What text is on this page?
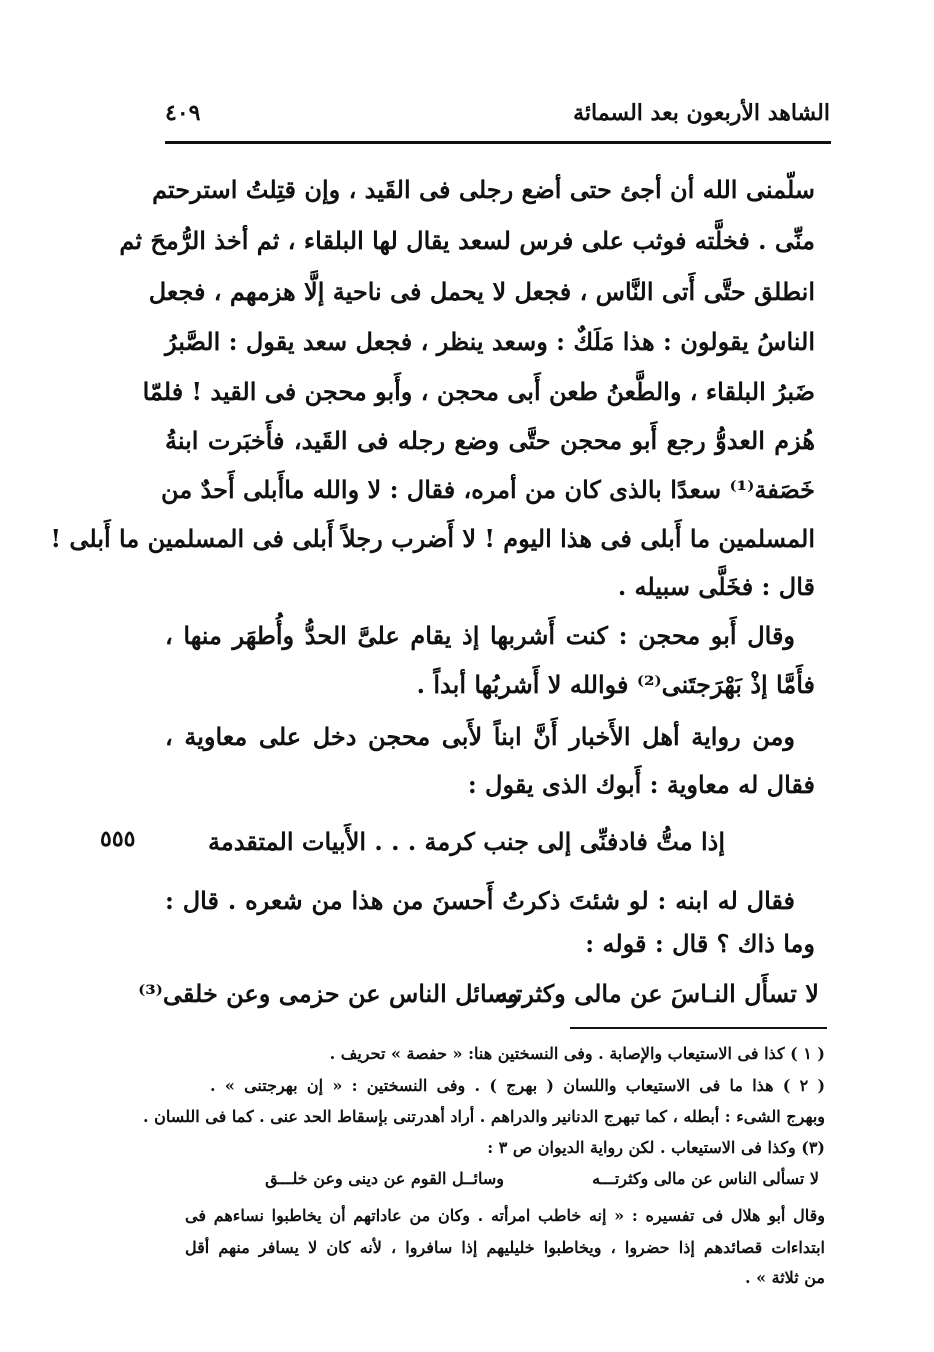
٤٠٩	الشاهد الأربعون بعد السمائة
سلّمنى الله أن أجئ حتى أضع رجلى فى القَيد ، وإن قتِلتُ استرحتم
منِّى . فخلَّته فوثب على فرس لسعد يقال لها البلقاء ، ثم أخذ الرُّمحَ ثم
انطلق حتَّى أَتى النَّاس ، فجعل لا يحمل فى ناحية إلَّا هزمهم ، فجعل
الناسُ يقولون : هذا مَلَكٌ : وسعد ينظر ، فجعل سعد يقول : الصَّبرُ
ضَبرُ البلقاء ، والطَّعنُ طعن أَبى محجن ، وأَبو محجن فى القيد ! فلمّا
هُزم العدوُّ رجع أَبو محجن حتَّى وضع رجله فى القَيد، فأَخبَرت ابنةُ
خَصَفة⁽¹⁾ سعدًا بالذى كان من أمره، فقال : لا والله ماأَبلى أَحدٌ من
المسلمين ما أَبلى فى هذا اليوم ! لا أَضرب رجلاً أَبلى فى المسلمين ما أَبلى !
قال : فخَلَّى سبيله .
وقال أَبو محجن : كنت أَشربها إذ يقام علىَّ الحدُّ وأُطهَر منها ،
فأَمَّا إذْ بَهْرَجتَنى⁽²⁾ فوالله لا أَشربُها أبداً .
ومن رواية أهل الأَخبار أَنَّ ابناً لأَبى محجن دخل على معاوية ،
فقال له معاوية : أَبوك الذى يقول :
إذا متُّ فادفنِّى إلى جنب كرمة . . . الأَبيات المتقدمة
فقال له ابنه : لو شئتَ ذكرتُ أَحسنَ من هذا من شعره . قال :
وما ذاك ؟ قال : قوله :
لا تسأَل النـاسَ عن مالى وكثرتـه
وسائل الناس عن حزمى وعن خلقى⁽³⁾
٥٥٥
( ١ ) كذا فى الاستيعاب والإصابة . وفى النسختين هنا: « حفصة » تحريف .
( ٢ ) هذا ما فى الاستيعاب واللسان ( بهرج ) . وفى النسختين : « إن بهرجتنى » .
وبهرج الشىء : أبطله ، كما تبهرج الدنانير والدراهم . أراد أهدرتنى بإسقاط الحد عنى . كما فى اللسان .
(٣) وكذا فى الاستيعاب . لكن رواية الديوان ص ٣ :
لا تسألى الناس عن مالى وكثرتـــه
وسائــل القوم عن دينى وعن خلـــق
وقال أبو هلال فى تفسيره : « إنه خاطب امرأته . وكان من عاداتهم أن يخاطبوا نساءهم فى
ابتداءات قصائدهم إذا حضروا ، ويخاطبوا خليليهم إذا سافروا ، لأنه كان لا يسافر منهم أقل
من ثلاثة » .
